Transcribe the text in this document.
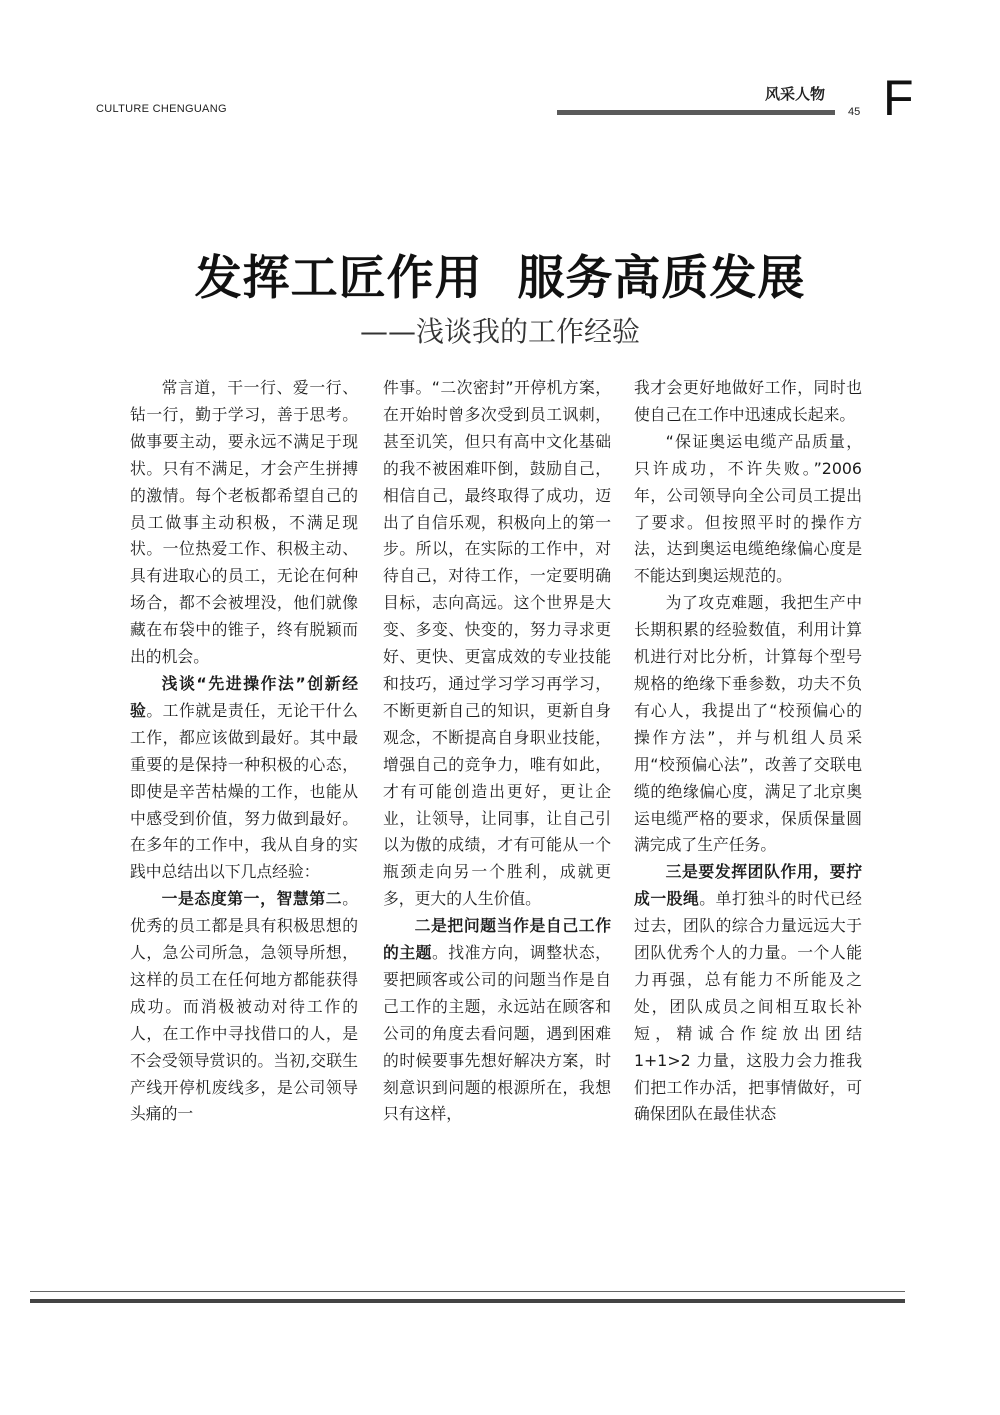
CULTURE CHENGUANG
风采人物
45 F
发挥工匠作用  服务高质发展
——浅谈我的工作经验

常言道，干一行、爱一行、钻一行，勤于学习，善于思考。做事要主动，要永远不满足于现状。只有不满足，才会产生拼搏的激情。每个老板都希望自己的员工做事主动积极，不满足现状。一位热爱工作、积极主动、具有进取心的员工，无论在何种场合，都不会被埋没，他们就像藏在布袋中的锥子，终有脱颖而出的机会。

浅谈“先进操作法”创新经验。工作就是责任，无论干什么工作，都应该做到最好。其中最重要的是保持一种积极的心态，即使是辛苦枯燥的工作，也能从中感受到价值，努力做到最好。在多年的工作中，我从自身的实践中总结出以下几点经验：

一是态度第一，智慧第二。优秀的员工都是具有积极思想的人，急公司所急，急领导所想，这样的员工在任何地方都能获得成功。而消极被动对待工作的人，在工作中寻找借口的人，是不会受领导赏识的。当初,交联生产线开停机废线多，是公司领导头痛的一

件事。“二次密封”开停机方案，在开始时曾多次受到员工讽刺，甚至讥笑，但只有高中文化基础的我不被困难吓倒，鼓励自己，相信自己，最终取得了成功，迈出了自信乐观，积极向上的第一步。所以，在实际的工作中，对待自己，对待工作，一定要明确目标，志向高远。这个世界是大变、多变、快变的，努力寻求更好、更快、更富成效的专业技能和技巧，通过学习学习再学习，不断更新自己的知识，更新自身观念，不断提高自身职业技能，增强自己的竞争力，唯有如此，才有可能创造出更好，更让企业，让领导，让同事，让自己引以为傲的成绩，才有可能从一个瓶颈走向另一个胜利，成就更多，更大的人生价值。

二是把问题当作是自己工作的主题。找准方向，调整状态，要把顾客或公司的问题当作是自己工作的主题，永远站在顾客和公司的角度去看问题，遇到困难的时候要事先想好解决方案，时刻意识到问题的根源所在，我想只有这样，

我才会更好地做好工作，同时也使自己在工作中迅速成长起来。

“保证奥运电缆产品质量，只许成功，不许失败。”2006年，公司领导向全公司员工提出了要求。但按照平时的操作方法，达到奥运电缆绝缘偏心度是不能达到奥运规范的。

为了攻克难题，我把生产中长期积累的经验数值，利用计算机进行对比分析，计算每个型号规格的绝缘下垂参数，功夫不负有心人，我提出了“校预偏心的操作方法”，并与机组人员采用“校预偏心法”，改善了交联电缆的绝缘偏心度，满足了北京奥运电缆严格的要求，保质保量圆满完成了生产任务。

三是要发挥团队作用，要拧成一股绳。单打独斗的时代已经过去，团队的综合力量远远大于团队优秀个人的力量。一个人能力再强，总有能力不所能及之处，团队成员之间相互取长补短，精诚合作绽放出团结 1+1>2 力量，这股力会力推我们把工作办活，把事情做好，可确保团队在最佳状态
